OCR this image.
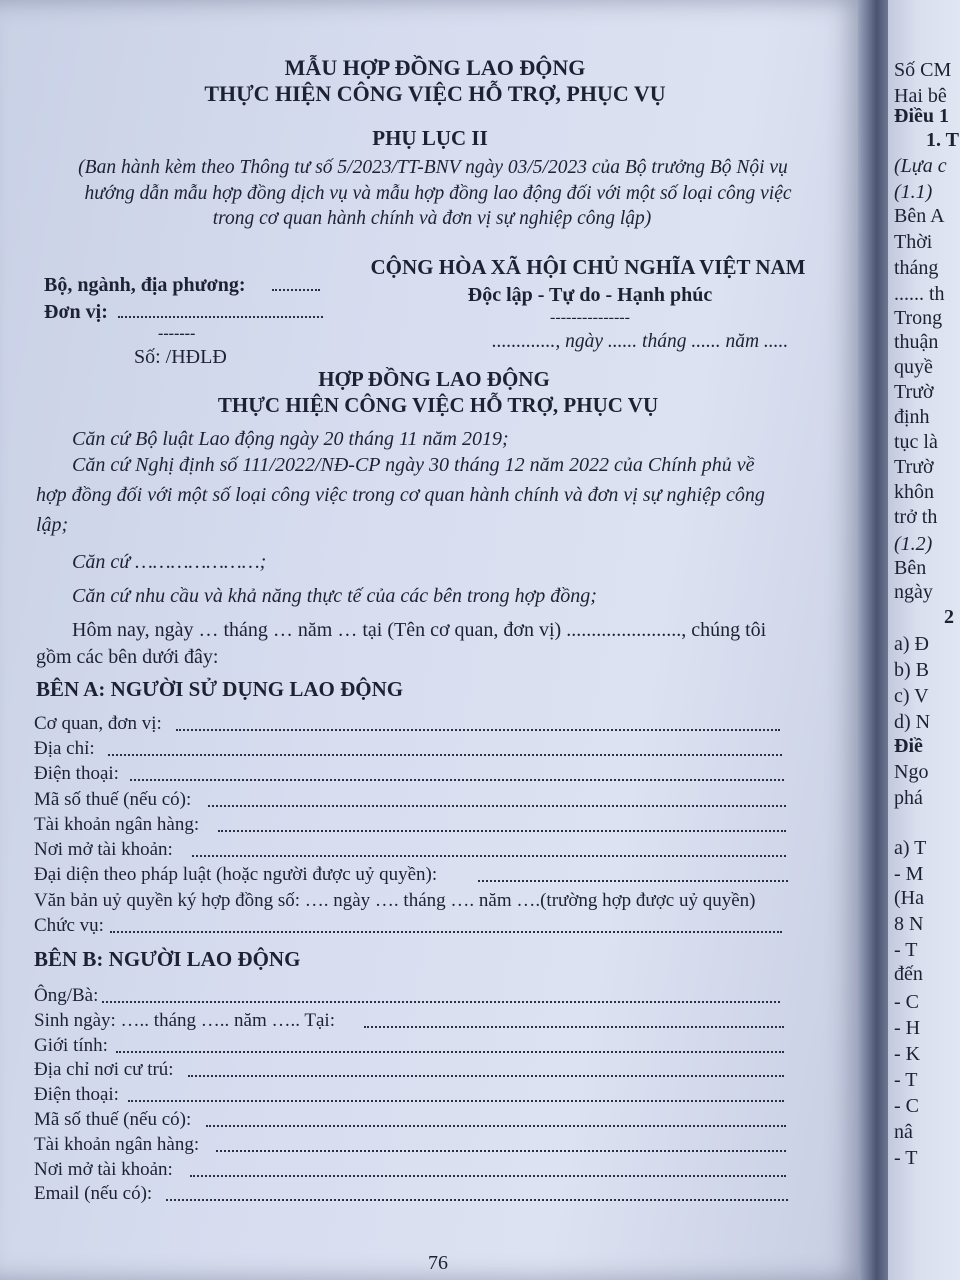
MẪU HỢP ĐỒNG LAO ĐỘNG
THỰC HIỆN CÔNG VIỆC HỖ TRỢ, PHỤC VỤ
PHỤ LỤC II
(Ban hành kèm theo Thông tư số 5/2023/TT-BNV ngày 03/5/2023 của Bộ trưởng Bộ Nội vụ
hướng dẫn mẫu hợp đồng dịch vụ và mẫu hợp đồng lao động đối với một số loại công việc
trong cơ quan hành chính và đơn vị sự nghiệp công lập)
Bộ, ngành, địa phương:
Đơn vị:
-------
Số: /HĐLĐ
CỘNG HÒA XÃ HỘI CHỦ NGHĨA VIỆT NAM
Độc lập - Tự do - Hạnh phúc
---------------
............., ngày ...... tháng ...... năm .....
HỢP ĐỒNG LAO ĐỘNG
THỰC HIỆN CÔNG VIỆC HỖ TRỢ, PHỤC VỤ
Căn cứ Bộ luật Lao động ngày 20 tháng 11 năm 2019;
Căn cứ Nghị định số 111/2022/NĐ-CP ngày 30 tháng 12 năm 2022 của Chính phủ về
hợp đồng đối với một số loại công việc trong cơ quan hành chính và đơn vị sự nghiệp công
lập;
Căn cứ …………………;
Căn cứ nhu cầu và khả năng thực tế của các bên trong hợp đồng;
Hôm nay, ngày … tháng … năm … tại (Tên cơ quan, đơn vị) ......................., chúng tôi
gồm các bên dưới đây:
BÊN A: NGƯỜI SỬ DỤNG LAO ĐỘNG
Cơ quan, đơn vị:
Địa chỉ:
Điện thoại:
Mã số thuế (nếu có):
Tài khoản ngân hàng:
Nơi mở tài khoản:
Đại diện theo pháp luật (hoặc người được uỷ quyền):
Văn bản uỷ quyền ký hợp đồng số: …. ngày …. tháng …. năm ….(trường hợp được uỷ quyền)
Chức vụ:
BÊN B: NGƯỜI LAO ĐỘNG
Ông/Bà:
Sinh ngày: ….. tháng ….. năm ….. Tại:
Giới tính:
Địa chỉ nơi cư trú:
Điện thoại:
Mã số thuế (nếu có):
Tài khoản ngân hàng:
Nơi mở tài khoản:
Email (nếu có):
76
Số CM
Hai bê
Điều 1
1. T
(Lựa c
(1.1)
Bên A
Thời
tháng
...... th
Trong
thuận
quyề
Trườ
định
tục là
Trườ
khôn
trở th
(1.2)
Bên
ngày
2
a) Đ
b) B
c) V
d) N
Điề
Ngo
phá
a) T
- M
(Ha
8 N
- T
đến
- C
- H
- K
- T
- C
nâ
- T
